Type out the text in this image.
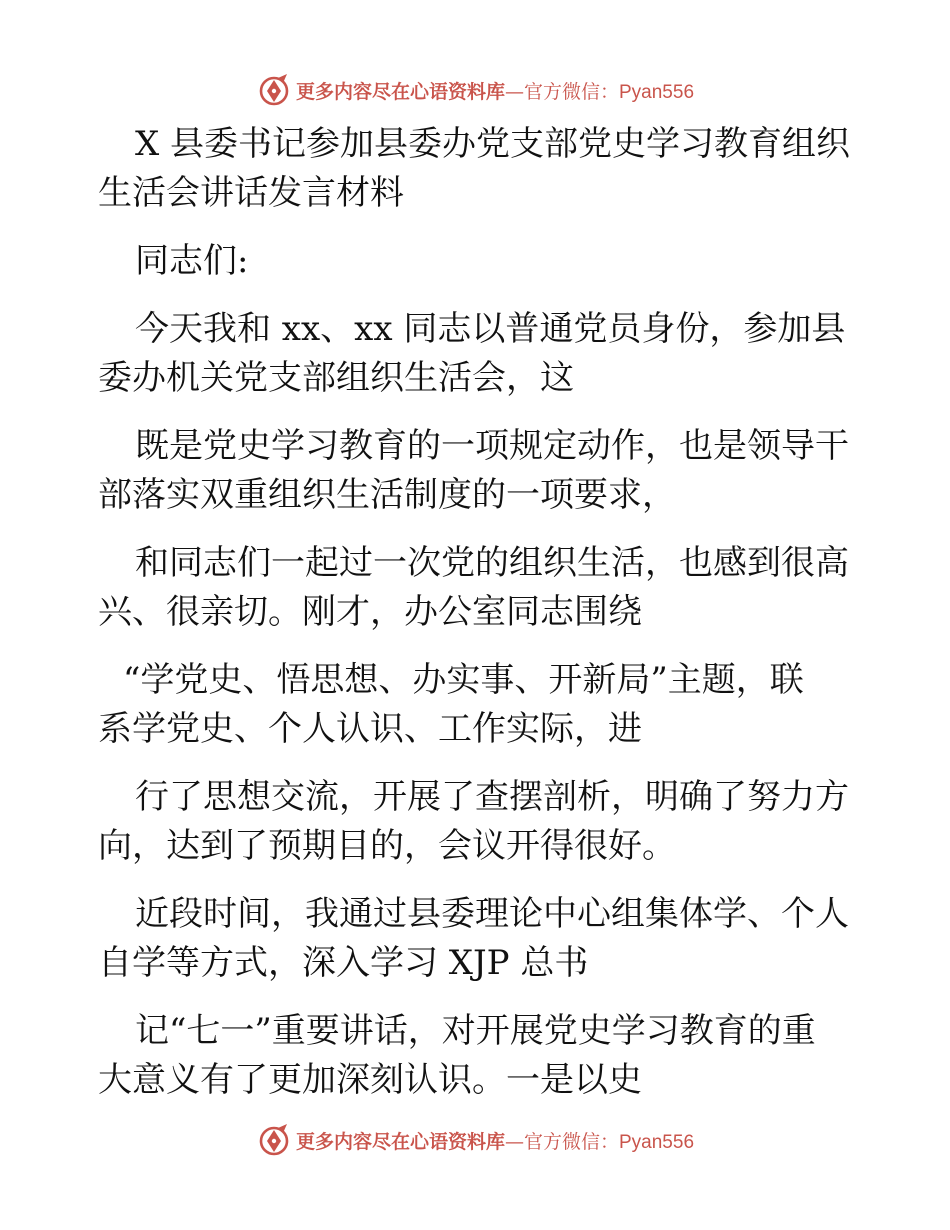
更多内容尽在心语资料库—官方微信：Pyan556
X 县委书记参加县委办党支部党史学习教育组织
生活会讲话发言材料
同志们:
今天我和 xx、xx 同志以普通党员身份，参加县
委办机关党支部组织生活会，这
既是党史学习教育的一项规定动作，也是领导干
部落实双重组织生活制度的一项要求，
和同志们一起过一次党的组织生活，也感到很高
兴、很亲切。刚才，办公室同志围绕
“学党史、悟思想、办实事、开新局”主题，联
系学党史、个人认识、工作实际，进
行了思想交流，开展了查摆剖析，明确了努力方
向，达到了预期目的，会议开得很好。
近段时间，我通过县委理论中心组集体学、个人
自学等方式，深入学习 XJP 总书
记“七一”重要讲话，对开展党史学习教育的重
大意义有了更加深刻认识。一是以史
更多内容尽在心语资料库—官方微信：Pyan556
